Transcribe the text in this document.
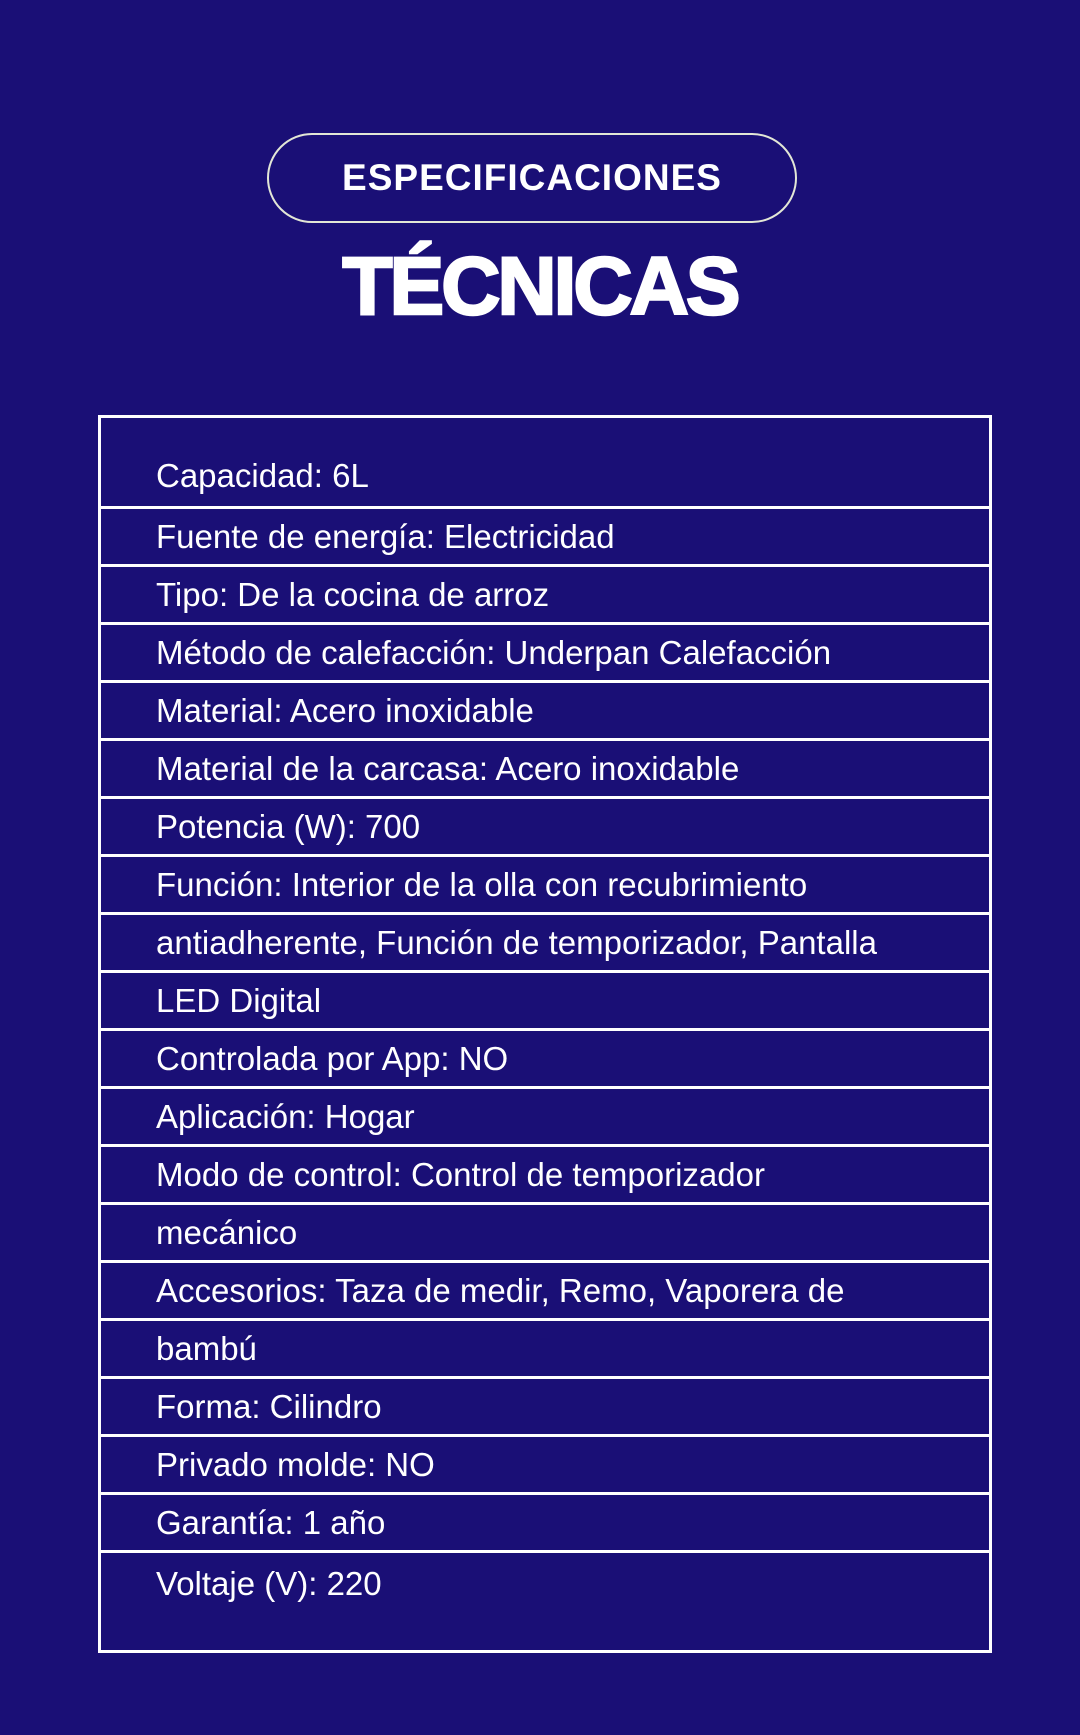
ESPECIFICACIONES
TÉCNICAS
Capacidad: 6L
Fuente de energía: Electricidad
Tipo: De la cocina de arroz
Método de calefacción: Underpan Calefacción
Material: Acero inoxidable
Material de la carcasa: Acero inoxidable
Potencia (W): 700
Función: Interior de la olla con recubrimiento
antiadherente, Función de temporizador, Pantalla
LED Digital
Controlada por App: NO
Aplicación: Hogar
Modo de control: Control de temporizador
mecánico
Accesorios: Taza de medir, Remo, Vaporera de
bambú
Forma: Cilindro
Privado molde: NO
Garantía: 1 año
Voltaje (V): 220
